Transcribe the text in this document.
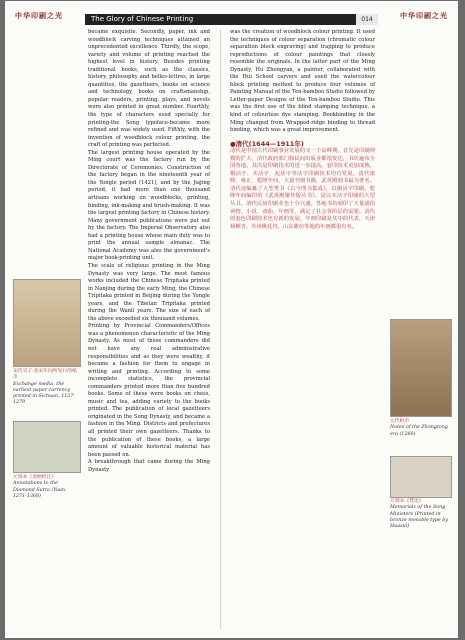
中华印刷之光	中华印刷之光
The Glory of Chinese Printing	014
宋代交子·北宋年间所发行的纸币
Exchange media, the earliest paper currency printed in Sichuan, 1127-1279
元刻本《金刚经注》
Annotations to the Diamond Sutra (Yuan, 1271-1368)
元代纸币
Notes of the Zhongtong era (1260)
元刻本《梵语》
Memorials of the Song Ministers (Printed in bronze movable type by Huasui)

became exquisite. Secondly, paper, ink and woodblock carving techniques attained an unprecedented excellence. Thirdly, the scope, variety and volume of printing reached the highest level in history. Besides printing traditional books, such as the classics, history, philosophy and belles-lettres, in large quantities, the gazetteers, books on science and technology, books on craftsmanship, popular readers, printing, plays, and novels were also printed in great number. Fourthly, the type of characters used specially for printing-the Song typeface-became more refined and was widely used. Fifthly, with the invention of woodblock colour printing, the craft of printing was perfected.

The largest printing house operated by the Ming court was the factory run by the Directorate of Ceremonies. Construction of the factory began in the nineteenth year of the Yongle period (1421), and by the Jiajing period, it had more than one thousand artisans working on woodblocks, printing, binding, ink-making and brush-making. It was the largest printing factory in Chinese history. Many government publications were put out by the factory. The Imperial Observatory also had a printing house whose main duty was to print the annual sample almanac. The National Academy was also the government's major book-printing unit.

The scale of religious printing in the Ming Dynasty was very large. The most famous works included the Chinese Tripitaka printed in Nanjing during the early Ming, the Chinese Tripitaka printed in Beijing during the Yongle years, and the Tibetan Tripitaka printed during the Wanli years. The size of each of the above exceeded six thousand volumes.

Printing by Provincial Commanders/Offices was a phenomenon characteristic of the Ming Dynasty. As most of these commanders did not have any real administrative responsibilities and as they were wealthy, it became a fashion for them to engage in writing and printing. According to some incomplete statistics, the provincial commanders printed more than five hundred books. Some of these were books on chess, music and tea, adding variety to the books printed. The publication of local gazetteers originated in the Song Dynasty, and became a fashion in the Ming. Districts and prefectures all printed their own gazetteers. Thanks to the publication of these books, a large amount of valuable historical material has been passed on.

A breakthrough that came during the Ming Dynasty

was the creation of woodblock colour printing. It used the techniques of colour separation (chromatic colour separation block engraving) and trapping to produce reproductions of colour paintings that closely resemble the originals. In the latter part of the Ming Dynasty, Hu Zhengyan, a painter, collaborated with the Hui School carvers and used the watercolour block printing method to produce four volumes of Painting Manual of the Ten-bamboo Studio followed by Letter-paper Designs of the Ten-bamboo Studio. This was the first use of the blind stamping technique, a kind of colourless dye stamping. Bookbinding in the Ming changed from Wrapped-ridge binding to thread binding, which was a great improvement.

●清代(1644—1911年)

清代是中国古代印刷事业发展的又一个高峰期。首先是印刷规模的扩大，清代政府部门和民间出版业都很发达，书坊遍布全国各地。其次是印刷技术的进一步提高，套印技术更加成熟，铜活字、木活字、泥活字等活字印刷技术均有发展。清代康熙、雍正、乾隆年间，大量刊刻书籍，武英殿刻书最为著名。清代还编纂了大型类书《古今图书集成》，以铜活字印刷。乾隆年间编印的《武英殿聚珍版丛书》，是以木活字印刷的大型丛书。清代民间印刷业也十分兴盛，各地书坊刻印了大量通俗读物、小说、戏曲、年画等，满足了社会各阶层的需要。清代的套色印刷技术也有新的发展，年画印刷是其中的代表，天津杨柳青、苏州桃花坞、山东潍坊等地的年画都很有名。
